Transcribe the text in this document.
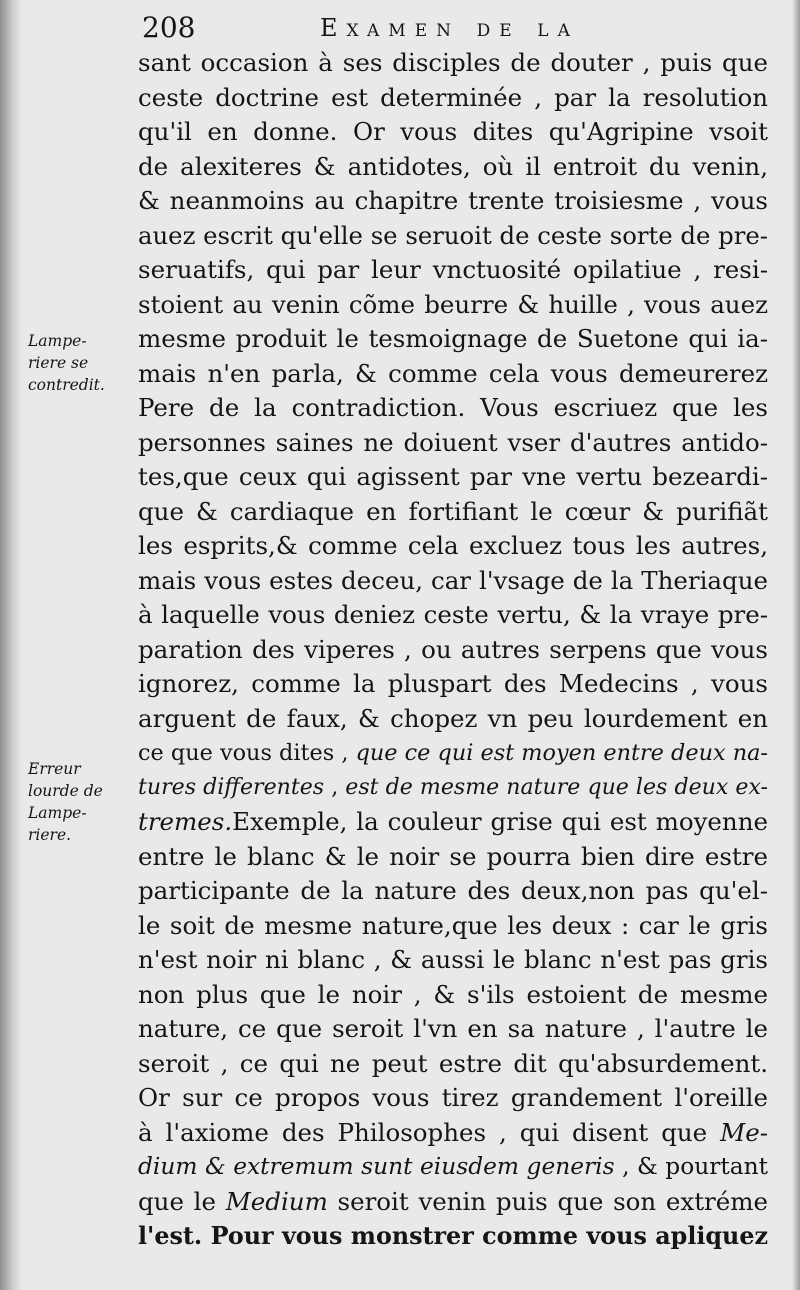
208	Examen de la
sant occasion à ses disciples de douter , puis que
ceste doctrine est determinée , par la resolution
qu'il en donne. Or vous dites qu'Agripine vsoit
de alexiteres & antidotes, où il entroit du venin,
& neanmoins au chapitre trente troisiesme , vous
auez escrit qu'elle se seruoit de ceste sorte de pre-
seruatifs, qui par leur vnctuosité opilatiue , resi-
stoient au venin cõme beurre & huille , vous auez
mesme produit le tesmoignage de Suetone qui ia-
mais n'en parla, & comme cela vous demeurerez
Pere de la contradiction. Vous escriuez que les
personnes saines ne doiuent vser d'autres antido-
tes,que ceux qui agissent par vne vertu bezeardi-
que & cardiaque en fortifiant le cœur & purifiãt
les esprits,& comme cela excluez tous les autres,
mais vous estes deceu, car l'vsage de la Theriaque
à laquelle vous deniez ceste vertu, & la vraye pre-
paration des viperes , ou autres serpens que vous
ignorez, comme la pluspart des Medecins , vous
arguent de faux, & chopez vn peu lourdement en
ce que vous dites , que ce qui est moyen entre deux na-
tures differentes , est de mesme nature que les deux ex-
tremes.Exemple, la couleur grise qui est moyenne
entre le blanc & le noir se pourra bien dire estre
participante de la nature des deux,non pas qu'el-
le soit de mesme nature,que les deux : car le gris
n'est noir ni blanc , & aussi le blanc n'est pas gris
non plus que le noir , & s'ils estoient de mesme
nature, ce que seroit l'vn en sa nature , l'autre le
seroit , ce qui ne peut estre dit qu'absurdement.
Or sur ce propos vous tirez grandement l'oreille
à l'axiome des Philosophes , qui disent que Me-
dium & extremum sunt eiusdem generis , & pourtant
que le Medium seroit venin puis que son extréme
l'est. Pour vous monstrer comme vous apliquez
Lampe-
riere se
contredit.
Erreur
lourde de
Lampe-
riere.
